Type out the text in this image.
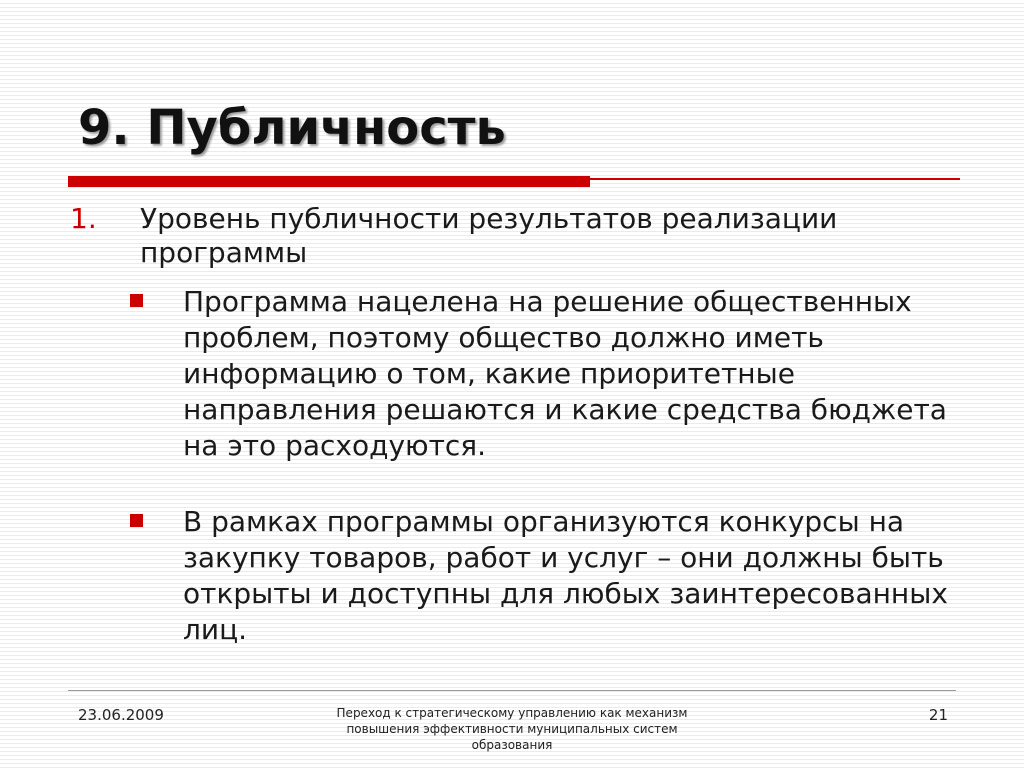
9. Публичность
1. Уровень публичности результатов реализации программы
Программа нацелена на решение общественных проблем, поэтому общество должно иметь информацию о том, какие приоритетные направления решаются и какие средства бюджета на это расходуются.
В рамках программы организуются конкурсы на закупку товаров, работ и услуг – они должны быть открыты и доступны для любых заинтересованных лиц.
23.06.2009	Переход к стратегическому управлению как механизм повышения эффективности муниципальных систем образования
21
